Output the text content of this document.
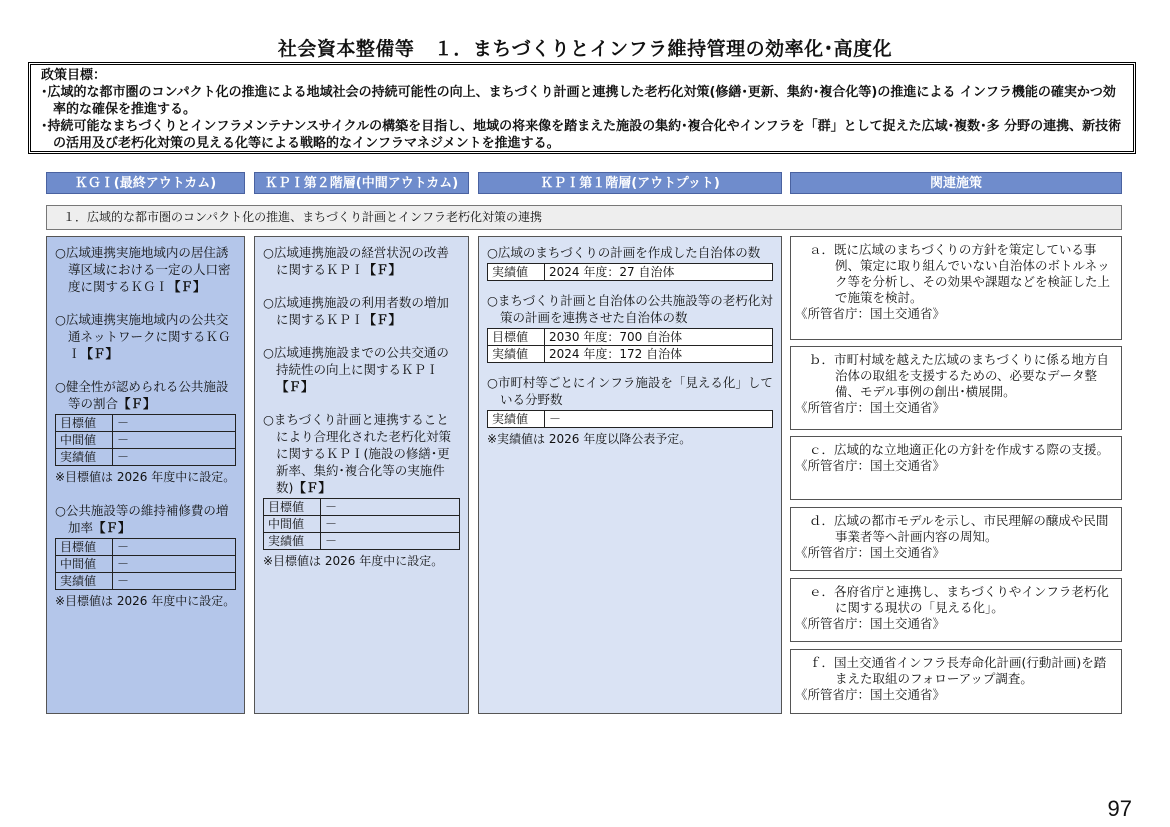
社会資本整備等　１．まちづくりとインフラ維持管理の効率化･高度化

政策目標：

･広域的な都市圏のコンパクト化の推進による地域社会の持続可能性の向上、まちづくり計画と連携した老朽化対策(修繕･更新、集約･複合化等)の推進による インフラ機能の確実かつ効率的な確保を推進する。

･持続可能なまちづくりとインフラメンテナンスサイクルの構築を目指し、地域の将来像を踏まえた施設の集約･複合化やインフラを「群」として捉えた広域･複数･多 分野の連携、新技術の活用及び老朽化対策の見える化等による戦略的なインフラマネジメントを推進する。

ＫＧＩ(最終アウトカム)	ＫＰＩ第２階層(中間アウトカム)	ＫＰＩ第１階層(アウトプット)	関連施策
１．広域的な都市圏のコンパクト化の推進、まちづくり計画とインフラ老朽化対策の連携

○広域連携実施地域内の居住誘導区域における一定の人口密度に関するＫＧＩ【Ｆ】

○広域連携実施地域内の公共交通ネットワークに関するＫＧＩ【Ｆ】

○健全性が認められる公共施設等の割合【Ｆ】

目標値	－
中間値	－
実績値	－

※目標値は 2026 年度中に設定。

○公共施設等の維持補修費の増加率【Ｆ】

目標値	－
中間値	－
実績値	－

※目標値は 2026 年度中に設定。

○広域連携施設の経営状況の改善に関するＫＰＩ【Ｆ】

○広域連携施設の利用者数の増加に関するＫＰＩ【Ｆ】

○広域連携施設までの公共交通の持続性の向上に関するＫＰＩ【Ｆ】

○まちづくり計画と連携することにより合理化された老朽化対策に関するＫＰＩ(施設の修繕･更新率、集約･複合化等の実施件数)【Ｆ】

目標値	－
中間値	－
実績値	－

※目標値は 2026 年度中に設定。

○広域のまちづくりの計画を作成した自治体の数

実績値	2024 年度：27 自治体

○まちづくり計画と自治体の公共施設等の老朽化対策の計画を連携させた自治体の数

目標値	2030 年度：700 自治体
実績値	2024 年度：172 自治体

○市町村等ごとにインフラ施設を「見える化」している分野数

実績値	－

※実績値は 2026 年度以降公表予定。

ａ．既に広域のまちづくりの方針を策定している事例、策定に取り組んでいない自治体のボトルネック等を分析し、その効果や課題などを検証した上で施策を検討。

《所管省庁：国土交通省》

ｂ．市町村域を越えた広域のまちづくりに係る地方自治体の取組を支援するための、必要なデータ整備、モデル事例の創出･横展開。

《所管省庁：国土交通省》

ｃ．広域的な立地適正化の方針を作成する際の支援。

《所管省庁：国土交通省》

ｄ．広域の都市モデルを示し、市民理解の醸成や民間事業者等へ計画内容の周知。

《所管省庁：国土交通省》

ｅ．各府省庁と連携し、まちづくりやインフラ老朽化に関する現状の「見える化」。

《所管省庁：国土交通省》

ｆ．国土交通省インフラ長寿命化計画(行動計画)を踏まえた取組のフォローアップ調査。

《所管省庁：国土交通省》

97
